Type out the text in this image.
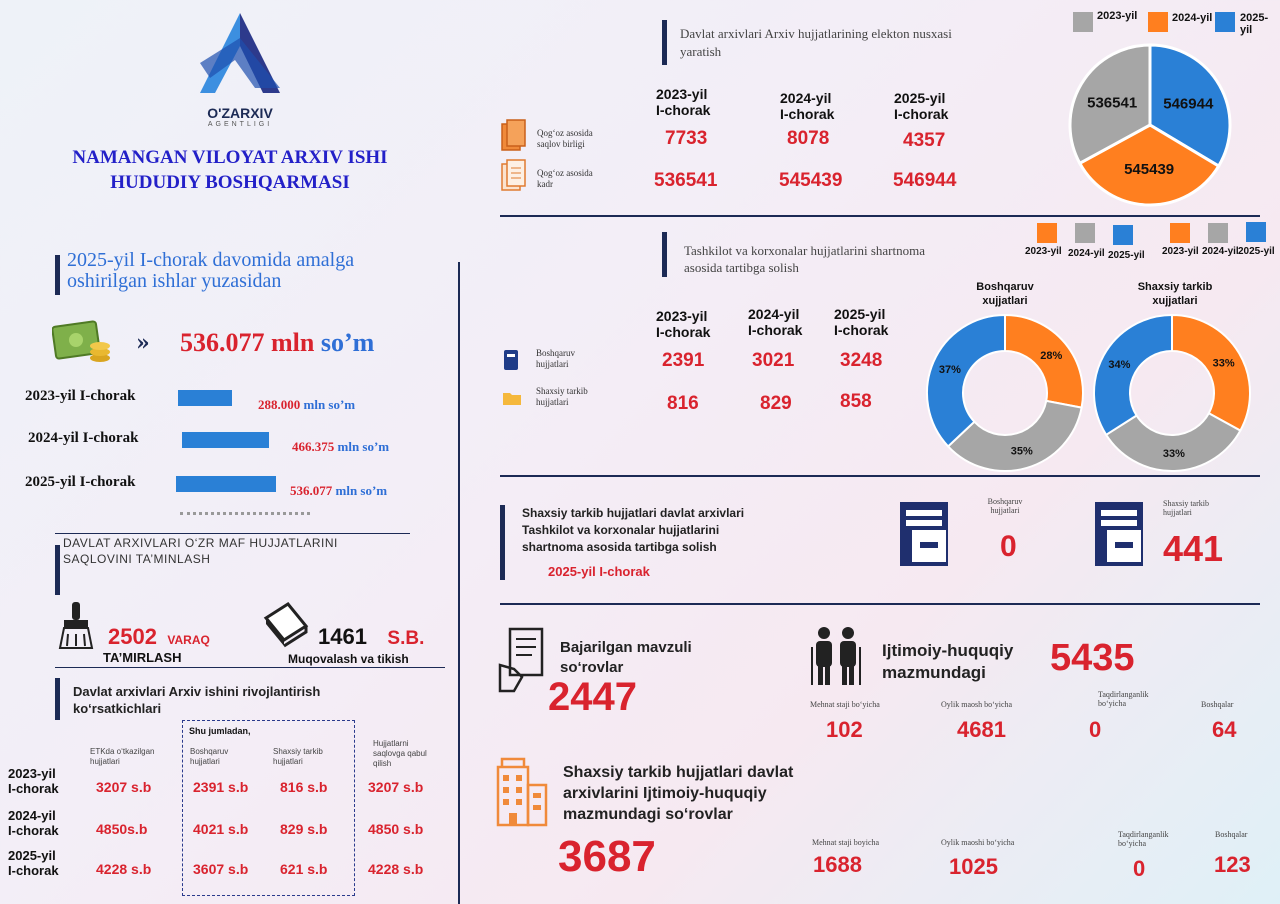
O'ZARXIV
AGENTLIGI
NAMANGAN VILOYAT ARXIV ISHI
HUDUDIY BOSHQARMASI
2025-yil I-chorak davomida amalga
oshirilgan ishlar yuzasidan
» 536.077 mln so’m
2023-yil I-chorak
288.000 mln so’m
2024-yil I-chorak
466.375 mln so’m
2025-yil I-chorak
536.077 mln so’m
DAVLAT ARXIVLARI O‘ZR MAF HUJJATLARINI
SAQLOVINI TA’MINLASH
2502 VARAQ
TA’MIRLASH
1461 S.B.
Muqovalash va tikish
Davlat arxivlari Arxiv ishini rivojlantirish
ko‘rsatkichlari
Shu jumladan,
ETKda o‘tkazilgan hujjatlari
Boshqaruv hujjatlari
Shaxsiy tarkib hujjatlari
Hujjatlarni saqlovga qabul qilish
2023-yil
I-chorak	3207 s.b	2391 s.b 816 s.b	3207 s.b
2024-yil
I-chorak	4850s.b	4021 s.b 829 s.b	4850 s.b
2025-yil
I-chorak	4228 s.b	3607 s.b 621 s.b	4228 s.b
Davlat arxivlari Arxiv hujjatlarining elekton nusxasi
yaratish
2023-yil
I-chorak
2024-yil
I-chorak
2025-yil
I-chorak
Qog‘oz asosida
saqlov birligi	7733	8078	4357
Qog‘oz asosida
kadr	536541	545439	546944
2023-yil	2024-yil	2025-yil
546944
545439
536541
Tashkilot va korxonalar hujjatlarini shartnoma
asosida tartibga solish
2023-yil
I-chorak
2024-yil
I-chorak
2025-yil
I-chorak
Boshqaruv
hujjatlari	2391	3021 3248
Shaxsiy tarkib
hujjatlari	816	829	858
2023-yil 2024-yil 2025-yil	2023-yil 2024-yil 2025-yil
Boshqaruv xujjatlari
Shaxsiy tarkib xujjatlari
28%
35%
37%
33%
33%
34%
Shaxsiy tarkib hujjatlari davlat arxivlari
Tashkilot va korxonalar hujjatlarini
shartnoma asosida tartibga solish
2025-yil I-chorak
Boshqaruv
hujjatlari
0
Shaxsiy tarkib
hujjatlari
441
Bajarilgan mavzuli
so‘rovlar
2447
Ijtimoiy-huquqiy
mazmundagi	5435
Mehnat staji bo‘yicha	Oylik maosh bo‘yicha
Taqdirlanganlik bo‘yicha	Boshqalar
102	4681	0	64
Shaxsiy tarkib hujjatlari davlat
arxivlarini Ijtimoiy-huquqiy
mazmundagi so‘rovlar
3687	Mehnat staji boyicha	Oylik maoshi bo‘yicha
Taqdirlanganlik bo‘yicha
Boshqalar
1688	1025	0	123
